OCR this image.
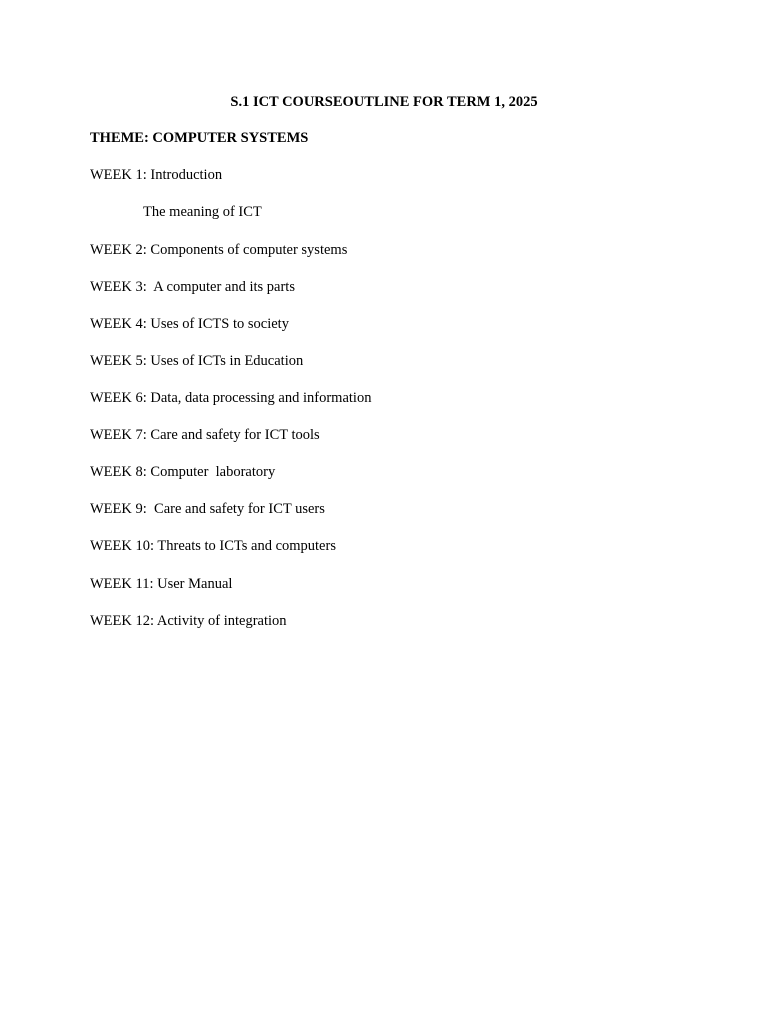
S.1 ICT COURSEOUTLINE FOR TERM 1, 2025
THEME: COMPUTER SYSTEMS
WEEK 1: Introduction
The meaning of ICT
WEEK 2: Components of computer systems
WEEK 3:  A computer and its parts
WEEK 4: Uses of ICTS to society
WEEK 5: Uses of ICTs in Education
WEEK 6: Data, data processing and information
WEEK 7: Care and safety for ICT tools
WEEK 8: Computer  laboratory
WEEK 9:  Care and safety for ICT users
WEEK 10: Threats to ICTs and computers
WEEK 11: User Manual
WEEK 12: Activity of integration
